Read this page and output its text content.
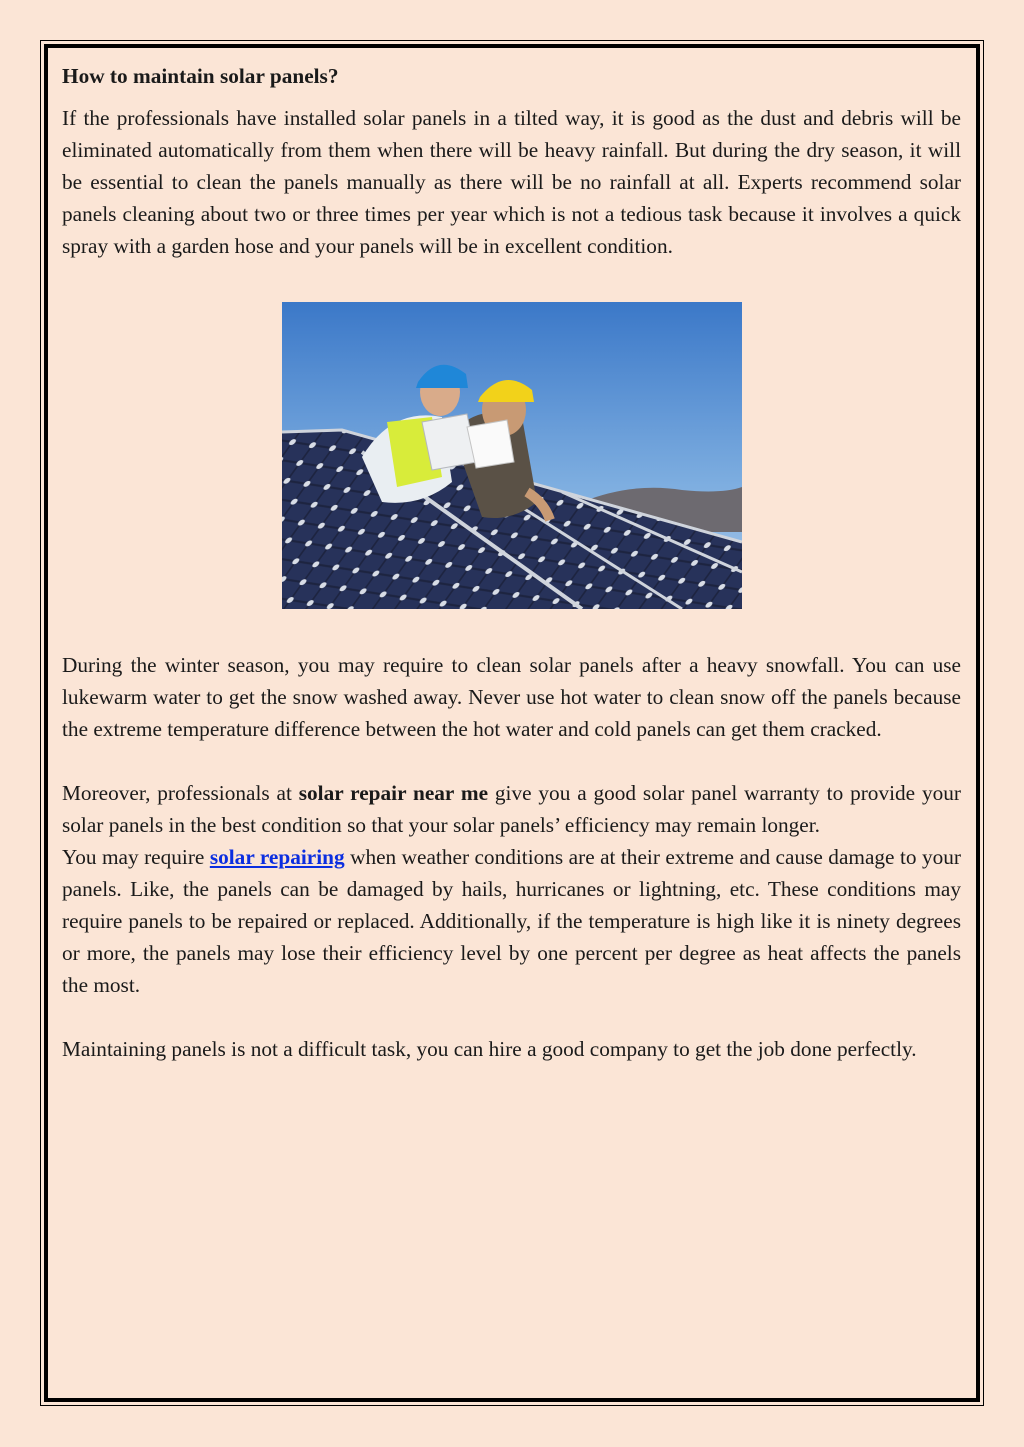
How to maintain solar panels?

If the professionals have installed solar panels in a tilted way, it is good as the dust and debris will be eliminated automatically from them when there will be heavy rainfall. But during the dry season, it will be essential to clean the panels manually as there will be no rainfall at all. Experts recommend solar panels cleaning about two or three times per year which is not a tedious task because it involves a quick spray with a garden hose and your panels will be in excellent condition.

During the winter season, you may require to clean solar panels after a heavy snowfall. You can use lukewarm water to get the snow washed away. Never use hot water to clean snow off the panels because the extreme temperature difference between the hot water and cold panels can get them cracked.

Moreover, professionals at solar repair near me give you a good solar panel warranty to provide your solar panels in the best condition so that your solar panels’ efficiency may remain longer.

You may require solar repairing when weather conditions are at their extreme and cause damage to your panels. Like, the panels can be damaged by hails, hurricanes or lightning, etc. These conditions may require panels to be repaired or replaced. Additionally, if the temperature is high like it is ninety degrees or more, the panels may lose their efficiency level by one percent per degree as heat affects the panels the most.

Maintaining panels is not a difficult task, you can hire a good company to get the job done perfectly.
